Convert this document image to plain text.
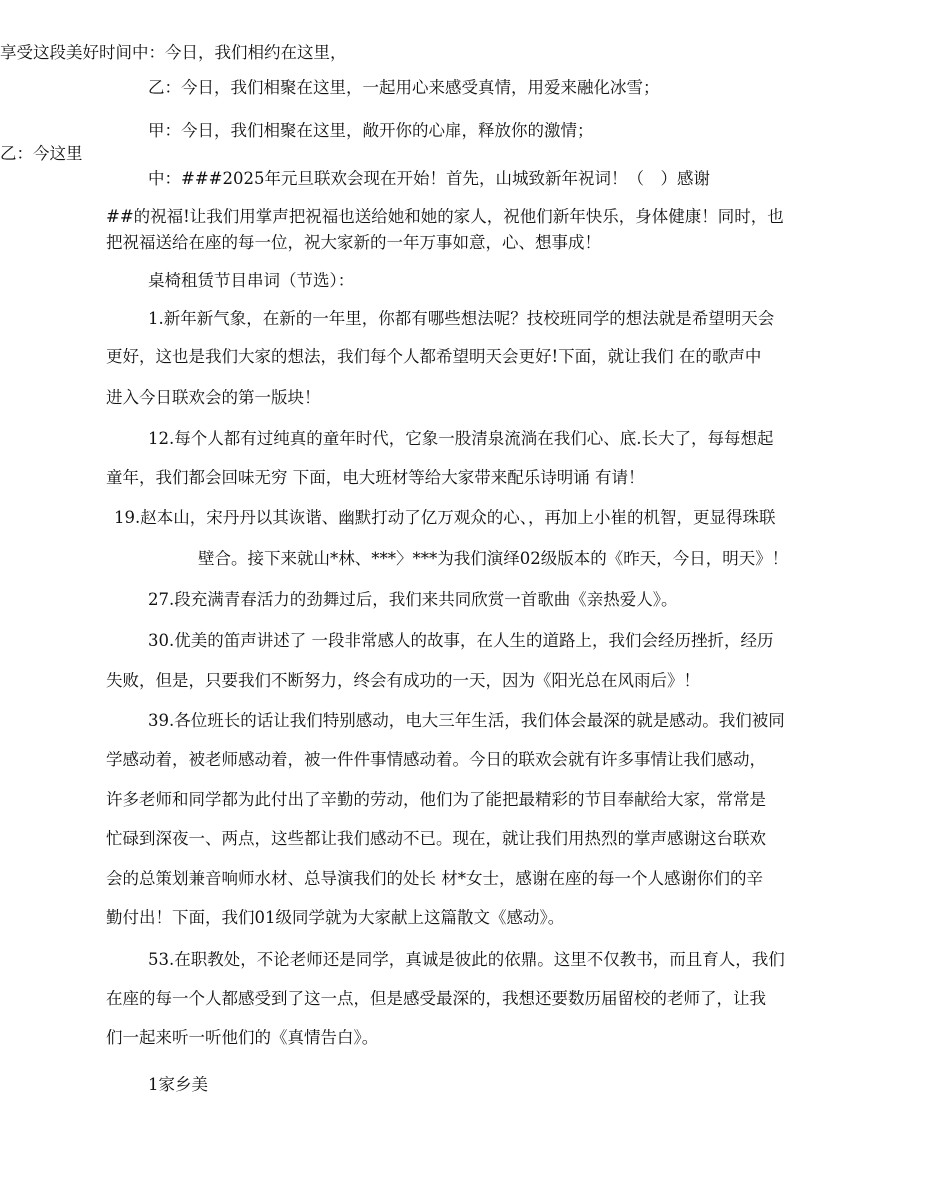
享受这段美好时间中：今日，我们相约在这里，
乙：今日，我们相聚在这里，一起用心来感受真情，用爱来融化冰雪；
甲：今日，我们相聚在这里，敞开你的心扉，释放你的激情；
乙：今这里
中：###2025年元旦联欢会现在开始！首先，山城致新年祝词！（　）感谢
##的祝福!让我们用掌声把祝福也送给她和她的家人，祝他们新年快乐，身体健康！同时，也
把祝福送给在座的每一位，祝大家新的一年万事如意，心、想事成！
桌椅租赁节目串词（节选）：
1.新年新气象，在新的一年里，你都有哪些想法呢？技校班同学的想法就是希望明天会
更好，这也是我们大家的想法，我们每个人都希望明天会更好!下面，就让我们 在的歌声中
进入今日联欢会的第一版块！
12.每个人都有过纯真的童年时代，它象一股清泉流淌在我们心、底.长大了，每每想起
童年，我们都会回味无穷 下面，电大班材等给大家带来配乐诗明诵 有请！
19.赵本山，宋丹丹以其诙谐、幽默打动了亿万观众的心、，再加上小崔的机智，更显得珠联
壁合。接下来就山*林、***〉***为我们演绎02级版本的《昨天，今日，明天》！
27.段充满青春活力的劲舞过后，我们来共同欣赏一首歌曲《亲热爱人》。
30.优美的笛声讲述了 一段非常感人的故事，在人生的道路上，我们会经历挫折，经历
失败，但是，只要我们不断努力，终会有成功的一天，因为《阳光总在风雨后》！
39.各位班长的话让我们特别感动，电大三年生活，我们体会最深的就是感动。我们被同
学感动着，被老师感动着，被一件件事情感动着。今日的联欢会就有许多事情让我们感动，
许多老师和同学都为此付出了辛勤的劳动，他们为了能把最精彩的节目奉献给大家，常常是
忙碌到深夜一、两点，这些都让我们感动不已。现在，就让我们用热烈的掌声感谢这台联欢
会的总策划兼音响师水材、总导演我们的处长 材*女士，感谢在座的每一个人感谢你们的辛
勤付出！下面，我们01级同学就为大家献上这篇散文《感动》。
53.在职教处，不论老师还是同学，真诚是彼此的依鼎。这里不仅教书，而且育人，我们
在座的每一个人都感受到了这一点，但是感受最深的，我想还要数历届留校的老师了，让我
们一起来听一听他们的《真情告白》。
1家乡美
